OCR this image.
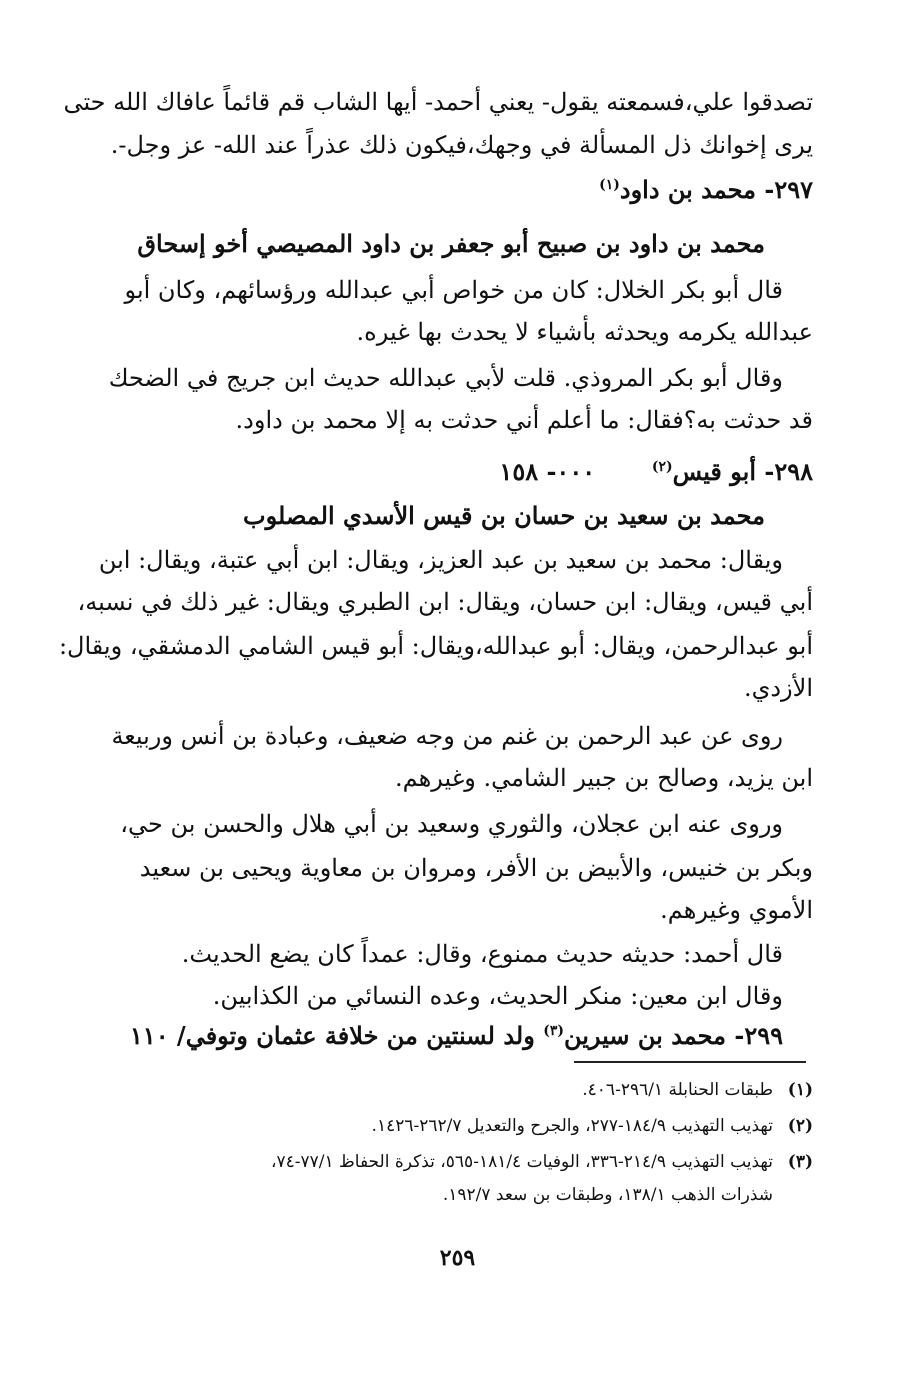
تصدقوا علي،فسمعته يقول- يعني أحمد- أيها الشاب قم قائماً عافاك الله حتى
يرى إخوانك ذل المسألة في وجهك،فيكون ذلك عذراً عند الله- عز وجل-.
٢٩٧- محمد بن داود$^{(١)}$
محمد بن داود بن صبيح أبو جعفر بن داود المصيصي أخو إسحاق
قال أبو بكر الخلال: كان من خواص أبي عبدالله ورؤسائهم، وكان أبو
عبدالله يكرمه ويحدثه بأشياء لا يحدث بها غيره.
وقال أبو بكر المروذي. قلت لأبي عبدالله حديث ابن جريج في الضحك
قد حدثت به؟فقال: ما أعلم أني حدثت به إلا محمد بن داود.
٢٩٨- أبو قيس$^{(٢)}$  ٠٠٠- ١٥٨
محمد بن سعيد بن حسان بن قيس الأسدي المصلوب
ويقال: محمد بن سعيد بن عبد العزيز، ويقال: ابن أبي عتبة، ويقال: ابن
أبي قيس، ويقال: ابن حسان، ويقال: ابن الطبري ويقال: غير ذلك في نسبه،
أبو عبدالرحمن، ويقال: أبو عبدالله،ويقال: أبو قيس الشامي الدمشقي، ويقال:
الأزدي.
روى عن عبد الرحمن بن غنم من وجه ضعيف، وعبادة بن أنس وربيعة
ابن يزيد، وصالح بن جبير الشامي. وغيرهم.
وروى عنه ابن عجلان، والثوري وسعيد بن أبي هلال والحسن بن حي،
وبكر بن خنيس، والأبيض بن الأفر، ومروان بن معاوية ويحيى بن سعيد
الأموي وغيرهم.
قال أحمد: حديثه حديث ممنوع، وقال: عمداً كان يضع الحديث.
وقال ابن معين: منكر الحديث، وعده النسائي من الكذابين.
٢٩٩- محمد بن سيرين$^{(٣)}$ ولد لسنتين من خلافة عثمان وتوفي/ ١١٠
(١)طبقات الحنابلة ٢٩٦/١-٤٠٦.
(٢)تهذيب التهذيب ١٨٤/٩-٢٧٧، والجرح والتعديل ٢٦٢/٧-١٤٢٦.
(٣)تهذيب التهذيب ٢١٤/٩-٣٣٦، الوفيات ١٨١/٤-٥٦٥، تذكرة الحفاظ ٧٧/١-٧٤،
شذرات الذهب ١٣٨/١، وطبقات بن سعد ١٩٢/٧.
٢٥٩
